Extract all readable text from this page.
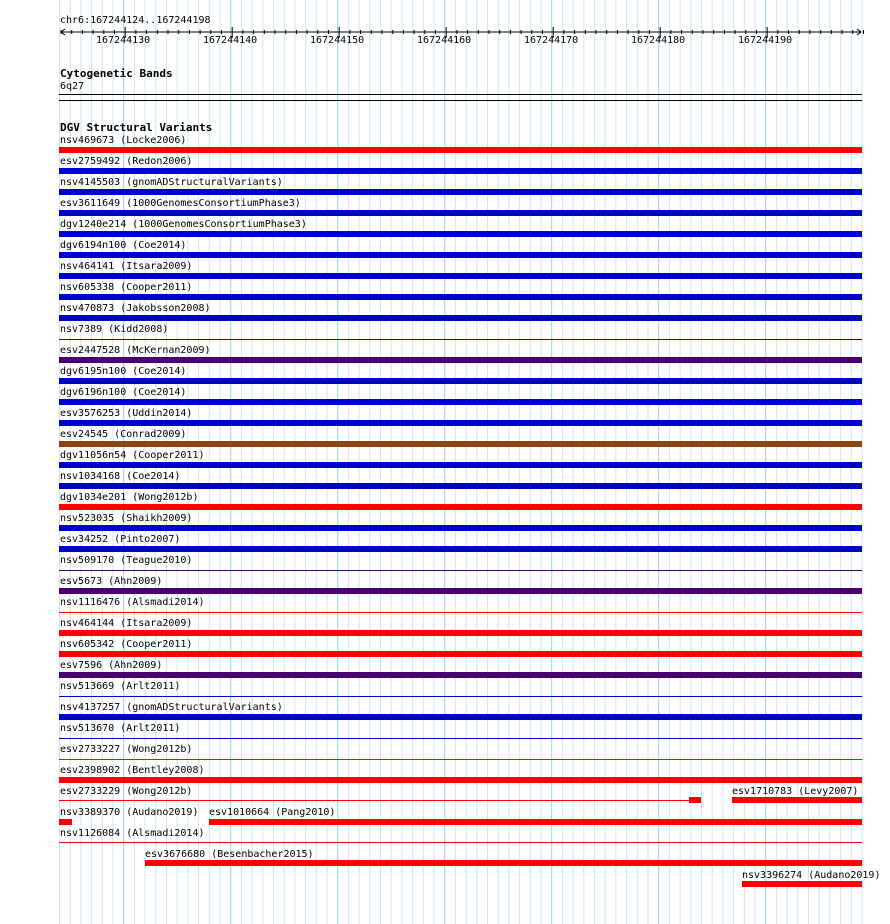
chr6:167244124..167244198
167244130	167244140	167244150	167244160	167244170	167244180	167244190
Cytogenetic Bands
6q27
DGV Structural Variants
nsv469673 (Locke2006)
esv2759492 (Redon2006)
nsv4145503 (gnomADStructuralVariants)
esv3611649 (1000GenomesConsortiumPhase3)
dgv1240e214 (1000GenomesConsortiumPhase3)
dgv6194n100 (Coe2014)
nsv464141 (Itsara2009)
nsv605338 (Cooper2011)
nsv470873 (Jakobsson2008)
nsv7389 (Kidd2008)
esv2447528 (McKernan2009)
dgv6195n100 (Coe2014)
dgv6196n100 (Coe2014)
esv3576253 (Uddin2014)
esv24545 (Conrad2009)
dgv11056n54 (Cooper2011)
nsv1034168 (Coe2014)
dgv1034e201 (Wong2012b)
nsv523035 (Shaikh2009)
esv34252 (Pinto2007)
nsv509170 (Teague2010)
esv5673 (Ahn2009)
nsv1116476 (Alsmadi2014)
nsv464144 (Itsara2009)
nsv605342 (Cooper2011)
esv7596 (Ahn2009)
nsv513669 (Arlt2011)
nsv4137257 (gnomADStructuralVariants)
nsv513670 (Arlt2011)
esv2733227 (Wong2012b)
esv2398902 (Bentley2008)
esv2733229 (Wong2012b)	esv1710783 (Levy2007)
nsv3389370 (Audano2019) esv1010664 (Pang2010)
nsv1126084 (Alsmadi2014)
esv3676680 (Besenbacher2015)
nsv3396274 (Audano2019)
